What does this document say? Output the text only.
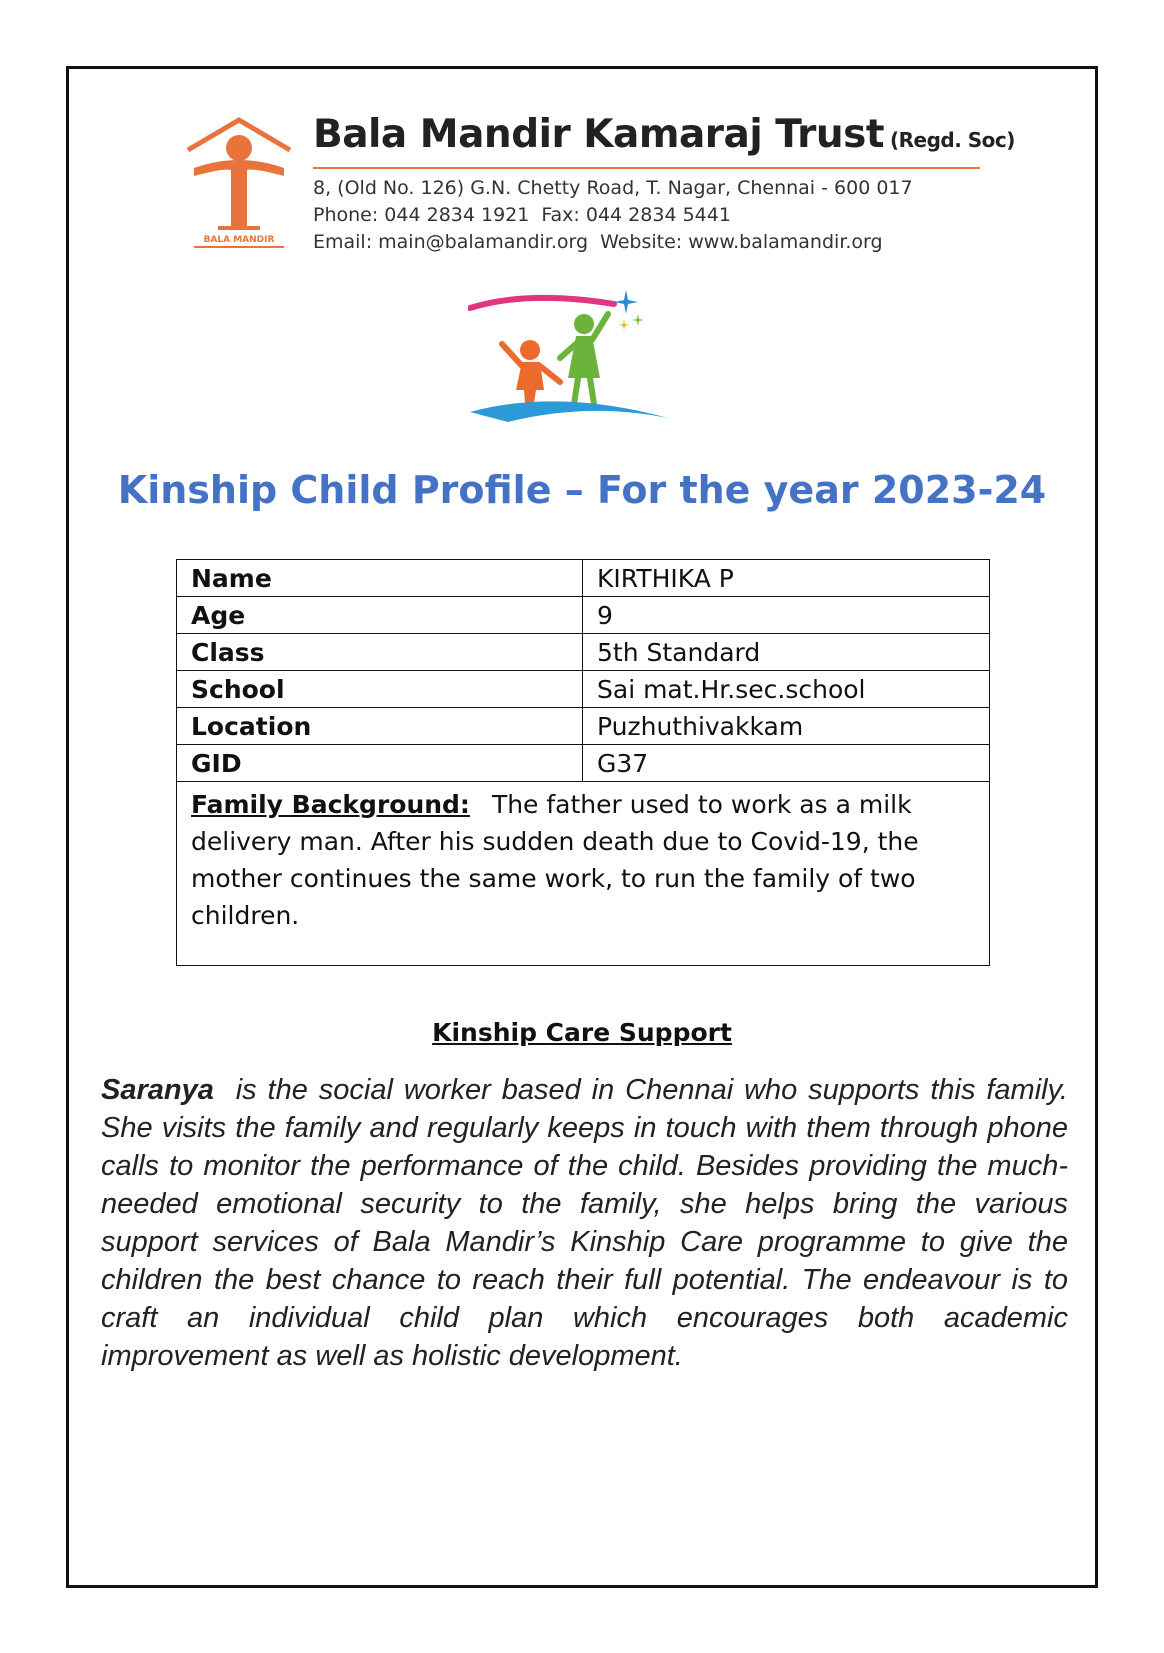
BALA MANDIR
Bala Mandir Kamaraj Trust (Regd. Soc)
8, (Old No. 126) G.N. Chetty Road, T. Nagar, Chennai - 600 017
Phone: 044 2834 1921 Fax: 044 2834 5441
Email: main@balamandir.org Website: www.balamandir.org
Kinship Child Profile – For the year 2023-24
Name	KIRTHIKA P
Age	9
Class	5th Standard
School	Sai mat.Hr.sec.school
Location	Puzhuthivakkam
GID	G37
Family Background: The father used to work as a milk delivery man. After his sudden death due to Covid-19, the mother continues the same work, to run the family of two children.	
Kinship Care Support
Saranya is the social worker based in Chennai who supports this family. She visits the family and regularly keeps in touch with them through phone calls to monitor the performance of the child. Besides providing the much-needed emotional security to the family, she helps bring the various support services of Bala Mandir’s Kinship Care programme to give the children the best chance to reach their full potential. The endeavour is to craft an individual child plan which encourages both academic improvement as well as holistic development.
